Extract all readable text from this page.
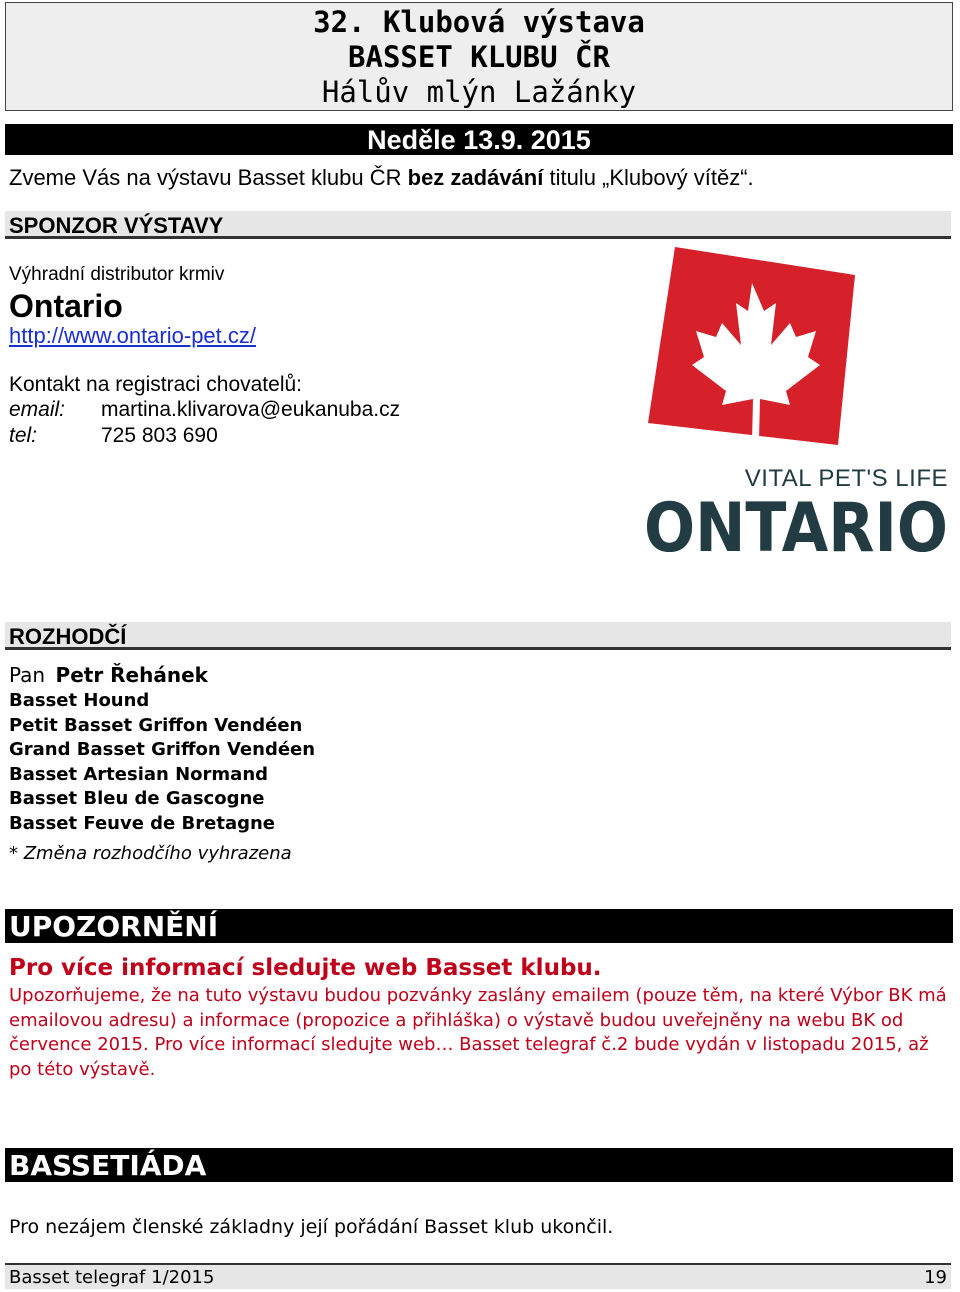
32. Klubová výstava
BASSET KLUBU ČR
Hálův mlýn Lažánky
Neděle 13.9. 2015
Zveme Vás na výstavu Basset klubu ČR bez zadávání titulu „Klubový vítěz“.
SPONZOR VÝSTAVY
Výhradní distributor krmiv
Ontario
http://www.ontario-pet.cz/
Kontakt na registraci chovatelů:
email: martina.klivarova@eukanuba.cz
tel:	725 803 690
VITAL PET'S LIFE
ONTARIO
ROZHODČÍ
Pan Petr Řehánek
Basset Hound
Petit Basset Griffon Vendéen
Grand Basset Griffon Vendéen
Basset Artesian Normand
Basset Bleu de Gascogne
Basset Feuve de Bretagne
* Změna rozhodčího vyhrazena
UPOZORNĚNÍ
Pro více informací sledujte web Basset klubu.
Upozorňujeme, že na tuto výstavu budou pozvánky zaslány emailem (pouze těm, na které Výbor BK má emailovou adresu) a informace (propozice a přihláška) o výstavě budou uveřejněny na webu BK od července 2015. Pro více informací sledujte web… Basset telegraf č.2 bude vydán v listopadu 2015, až po této výstavě.
BASSETIÁDA
Pro nezájem členské základny její pořádání Basset klub ukončil.
Basset telegraf 1/2015	19
